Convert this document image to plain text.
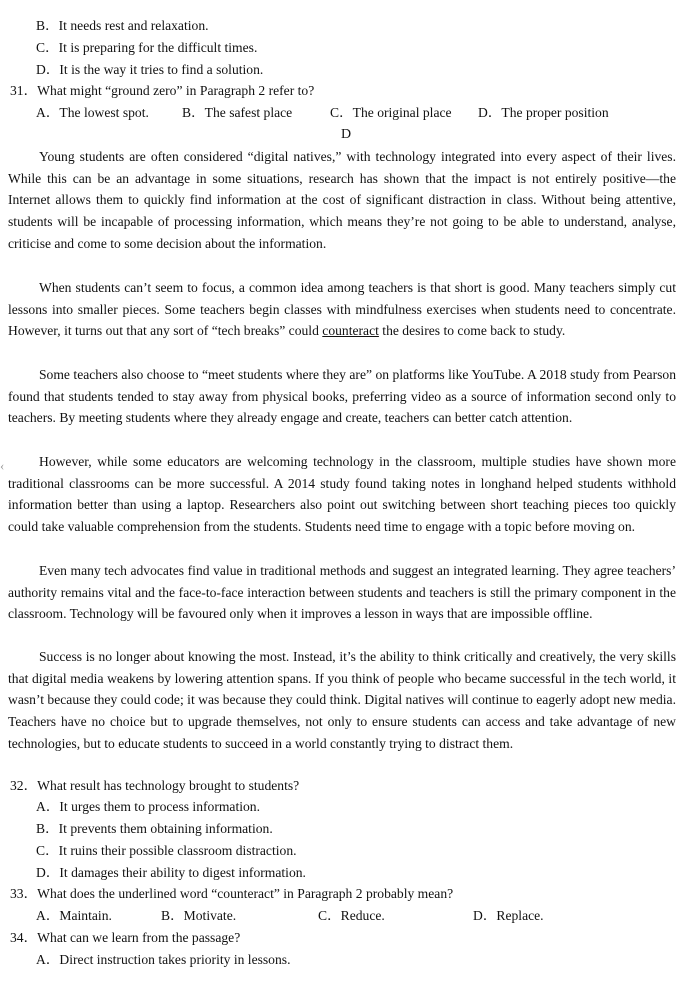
B．It needs rest and relaxation.
C．It is preparing for the difficult times.
D．It is the way it tries to find a solution.
31．What might “ground zero” in Paragraph 2 refer to?
A．The lowest spot. B．The safest place	C．The original place D．The proper position
D
Young students are often considered “digital natives,” with technology integrated into every aspect of their lives. While this can be an advantage in some situations, research has shown that the impact is not entirely positive—the Internet allows them to quickly find information at the cost of significant distraction in class. Without being attentive, students will be incapable of processing information, which means they’re not going to be able to understand, analyse, criticise and come to some decision about the information.
When students can’t seem to focus, a common idea among teachers is that short is good. Many teachers simply cut lessons into smaller pieces. Some teachers begin classes with mindfulness exercises when students need to concentrate. However, it turns out that any sort of “tech breaks” could counteract the desires to come back to study.
Some teachers also choose to “meet students where they are” on platforms like YouTube. A 2018 study from Pearson found that students tended to stay away from physical books, preferring video as a source of information second only to teachers. By meeting students where they already engage and create, teachers can better catch attention.
‹	However, while some educators are welcoming technology in the classroom, multiple studies have shown more traditional classrooms can be more successful. A 2014 study found taking notes in longhand helped students withhold information better than using a laptop. Researchers also point out switching between short teaching pieces too quickly could take valuable comprehension from the students. Students need time to engage with a topic before moving on.
Even many tech advocates find value in traditional methods and suggest an integrated learning. They agree teachers’ authority remains vital and the face-to-face interaction between students and teachers is still the primary component in the classroom. Technology will be favoured only when it improves a lesson in ways that are impossible offline.
Success is no longer about knowing the most. Instead, it’s the ability to think critically and creatively, the very skills that digital media weakens by lowering attention spans. If you think of people who became successful in the tech world, it wasn’t because they could code; it was because they could think. Digital natives will continue to eagerly adopt new media. Teachers have no choice but to upgrade themselves, not only to ensure students can access and take advantage of new technologies, but to educate students to succeed in a world constantly trying to distract them.
32．What result has technology brought to students?
A．It urges them to process information.
B．It prevents them obtaining information.
C．It ruins their possible classroom distraction.
D．It damages their ability to digest information.
33．What does the underlined word “counteract” in Paragraph 2 probably mean?
A．Maintain.	B．Motivate.	C．Reduce.	D．Replace.
34．What can we learn from the passage?
A．Direct instruction takes priority in lessons.
